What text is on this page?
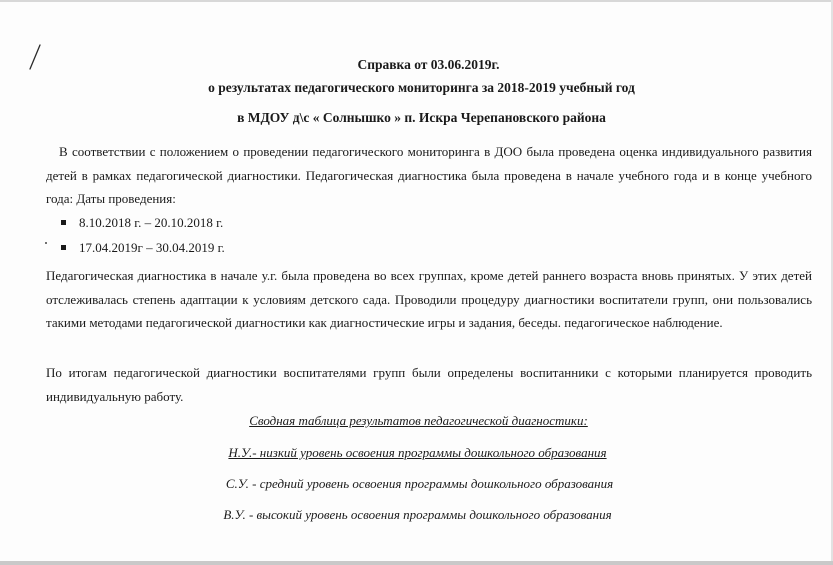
Справка от 03.06.2019г.
о результатах педагогического мониторинга за 2018-2019 учебный год
в МДОУ д\с « Солнышко » п. Искра Черепановского района
В соответствии с положением о проведении педагогического мониторинга в ДОО была проведена оценка индивидуального развития детей в рамках педагогической диагностики. Педагогическая диагностика была проведена в начале учебного года и в конце учебного года: Даты проведения:
8.10.2018 г. – 20.10.2018 г.
17.04.2019г – 30.04.2019 г.
Педагогическая диагностика в начале у.г. была проведена во всех группах, кроме детей раннего возраста вновь принятых. У этих детей отслеживалась степень адаптации к условиям детского сада. Проводили процедуру диагностики воспитатели групп, они пользовались такими методами педагогической диагностики как диагностические игры и задания, беседы. педагогическое наблюдение.
По итогам педагогической диагностики воспитателями групп были определены воспитанники с которыми планируется проводить индивидуальную работу.
Сводная таблица результатов педагогической диагностики:
Н.У.- низкий уровень освоения программы дошкольного образования
С.У. - средний уровень освоения программы дошкольного образования
В.У. - высокий уровень освоения программы дошкольного образования
